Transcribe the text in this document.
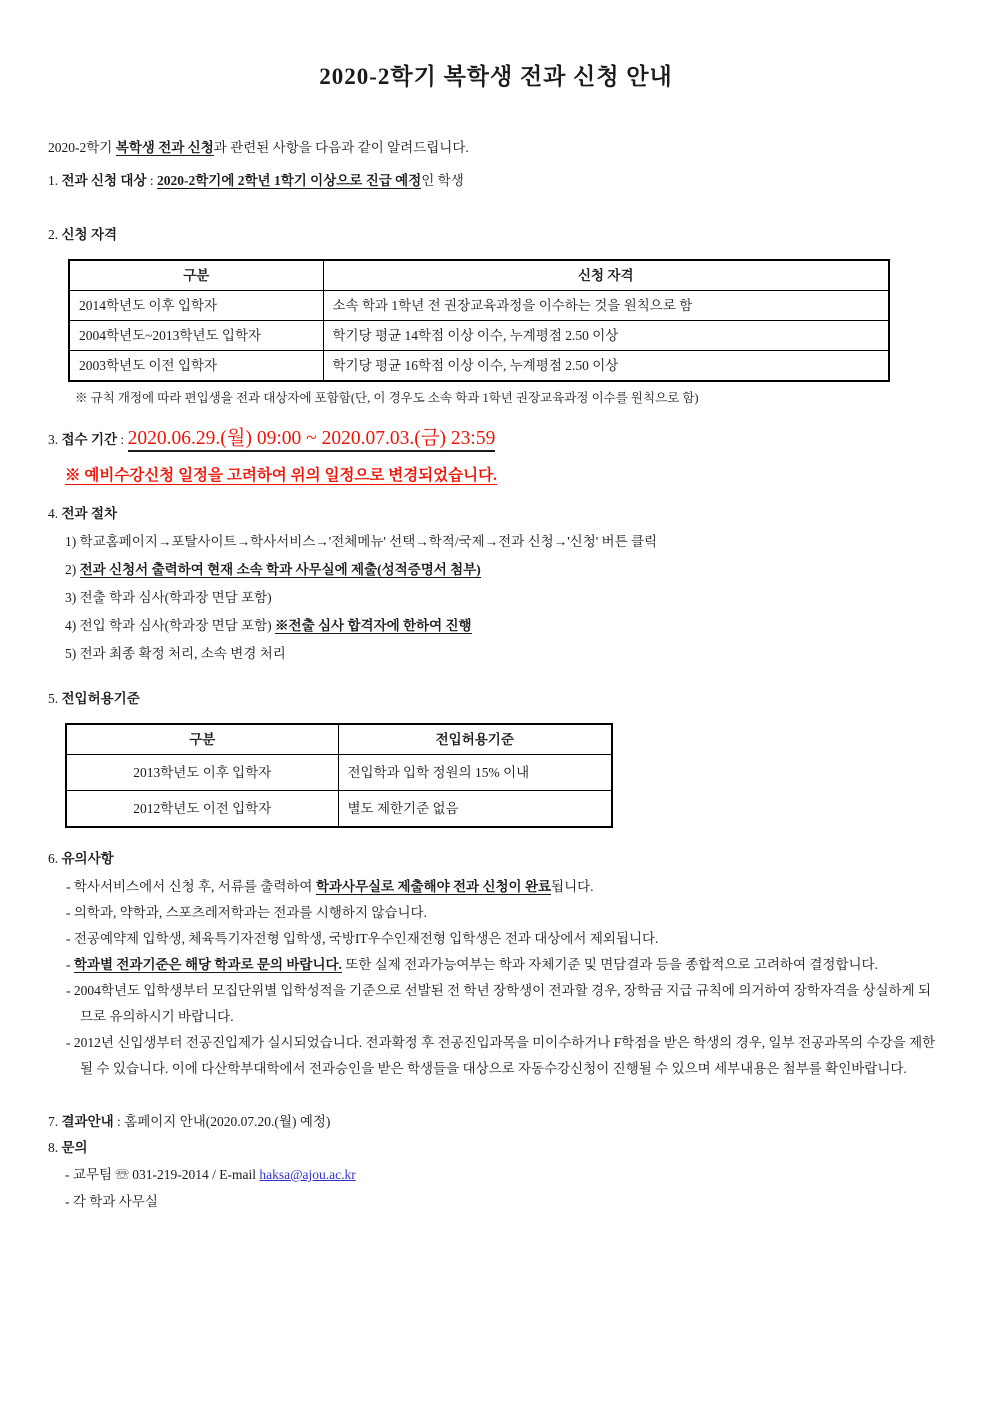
2020-2학기 복학생 전과 신청 안내

2020-2학기 복학생 전과 신청과 관련된 사항을 다음과 같이 알려드립니다.

1. 전과 신청 대상 : 2020-2학기에 2학년 1학기 이상으로 진급 예정인 학생

2. 신청 자격

구분	신청 자격
2014학년도 이후 입학자	소속 학과 1학년 전 권장교육과정을 이수하는 것을 원칙으로 함
2004학년도~2013학년도 입학자	학기당 평균 14학점 이상 이수, 누계평점 2.50 이상
2003학년도 이전 입학자	학기당 평균 16학점 이상 이수, 누계평점 2.50 이상

※ 규칙 개정에 따라 편입생을 전과 대상자에 포함함(단, 이 경우도 소속 학과 1학년 권장교육과정 이수를 원칙으로 함)

3. 접수 기간 : 2020.06.29.(월) 09:00 ~ 2020.07.03.(금) 23:59

※ 예비수강신청 일정을 고려하여 위의 일정으로 변경되었습니다.

4. 전과 절차

1) 학교홈페이지→포탈사이트→학사서비스→'전체메뉴' 선택→학적/국제→전과 신청→'신청' 버튼 클릭

2) 전과 신청서 출력하여 현재 소속 학과 사무실에 제출(성적증명서 첨부)

3) 전출 학과 심사(학과장 면담 포함)

4) 전입 학과 심사(학과장 면담 포함) ※전출 심사 합격자에 한하여 진행

5) 전과 최종 확정 처리, 소속 변경 처리

5. 전입허용기준

구분	전입허용기준
2013학년도 이후 입학자	전입학과 입학 정원의 15% 이내
2012학년도 이전 입학자	별도 제한기준 없음

6. 유의사항

- 학사서비스에서 신청 후, 서류를 출력하여 학과사무실로 제출해야 전과 신청이 완료됩니다.

- 의학과, 약학과, 스포츠레저학과는 전과를 시행하지 않습니다.

- 전공예약제 입학생, 체육특기자전형 입학생, 국방IT우수인재전형 입학생은 전과 대상에서 제외됩니다.

- 학과별 전과기준은 해당 학과로 문의 바랍니다. 또한 실제 전과가능여부는 학과 자체기준 및 면담결과 등을 종합적으로 고려하여 결정합니다.

- 2004학년도 입학생부터 모집단위별 입학성적을 기준으로 선발된 전 학년 장학생이 전과할 경우, 장학금 지급 규칙에 의거하여 장학자격을 상실하게 되므로 유의하시기 바랍니다.

- 2012년 신입생부터 전공진입제가 실시되었습니다. 전과확정 후 전공진입과목을 미이수하거나 F학점을 받은 학생의 경우, 일부 전공과목의 수강을 제한될 수 있습니다. 이에 다산학부대학에서 전과승인을 받은 학생들을 대상으로 자동수강신청이 진행될 수 있으며 세부내용은 첨부를 확인바랍니다.

7. 결과안내 : 홈페이지 안내(2020.07.20.(월) 예정)

8. 문의

- 교무팀 ☏ 031-219-2014 / E-mail haksa@ajou.ac.kr

- 각 학과 사무실
